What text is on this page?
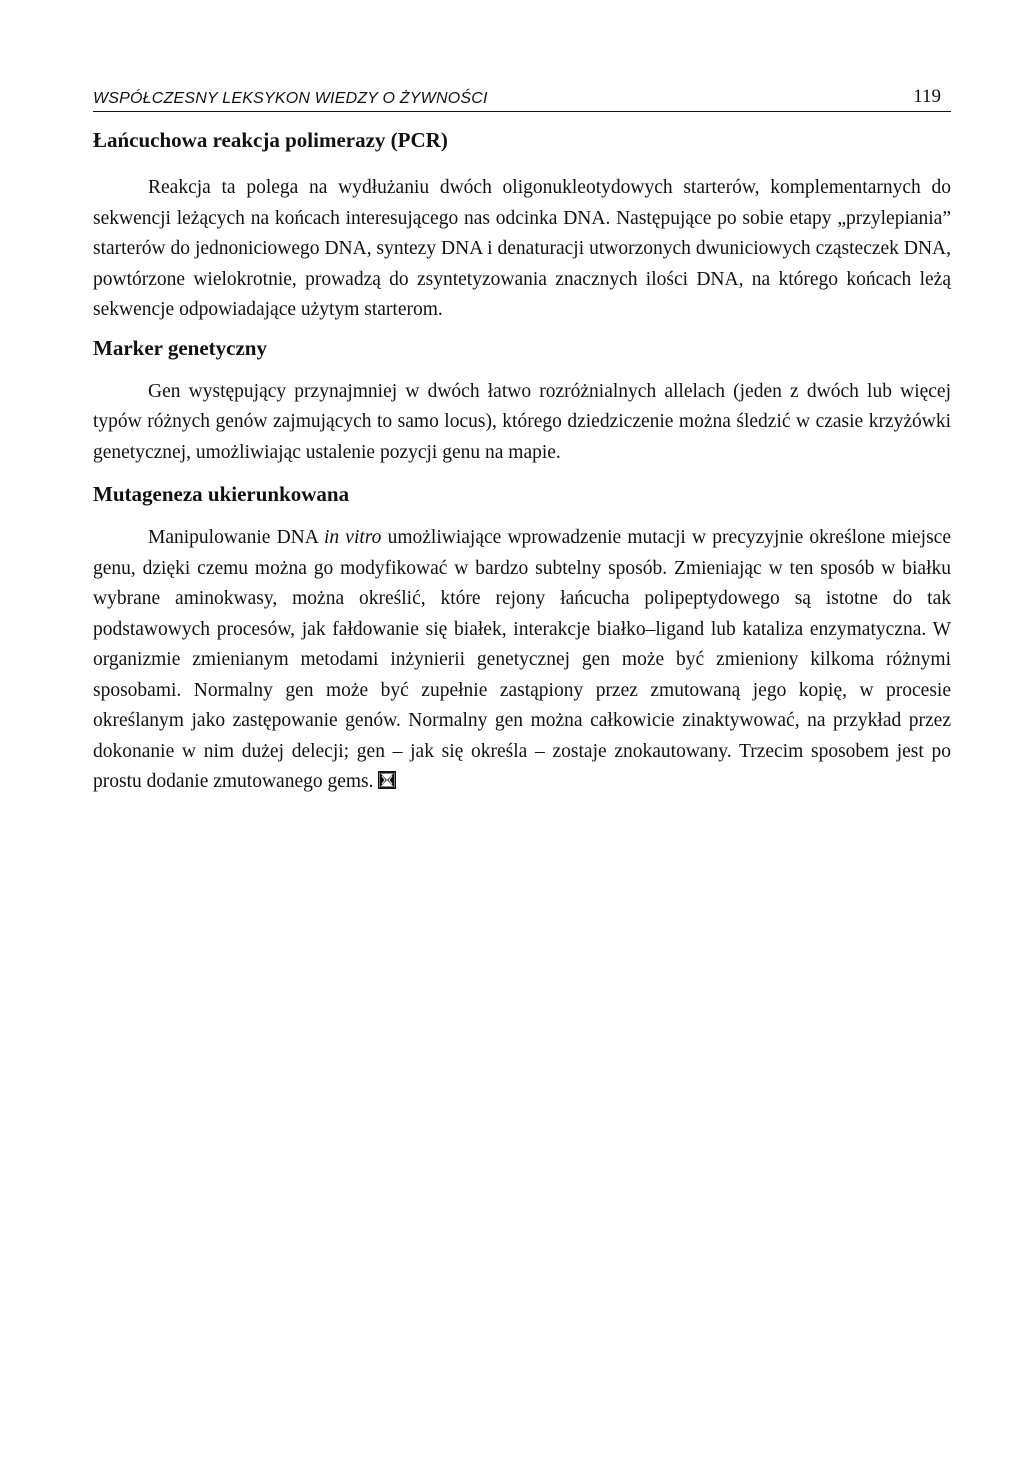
WSPÓŁCZESNY LEKSYKON WIEDZY O ŻYWNOŚCI	119
Łańcuchowa reakcja polimerazy (PCR)

Reakcja ta polega na wydłużaniu dwóch oligonukleotydowych starterów, komplementarnych do sekwencji leżących na końcach interesującego nas odcinka DNA. Następujące po sobie etapy „przylepiania” starterów do jednoniciowego DNA, syntezy DNA i denaturacji utworzonych dwuniciowych cząsteczek DNA, powtórzone wielokrotnie, prowadzą do zsyntetyzowania znacznych ilości DNA, na którego końcach leżą sekwencje odpowiadające użytym starterom.

Marker genetyczny

Gen występujący przynajmniej w dwóch łatwo rozróżnialnych allelach (jeden z dwóch lub więcej typów różnych genów zajmujących to samo locus), którego dziedziczenie można śledzić w czasie krzyżówki genetycznej, umożliwiając ustalenie pozycji genu na mapie.

Mutageneza ukierunkowana

Manipulowanie DNA in vitro umożliwiające wprowadzenie mutacji w precyzyjnie określone miejsce genu, dzięki czemu można go modyfikować w bardzo subtelny sposób. Zmieniając w ten sposób w białku wybrane aminokwasy, można określić, które rejony łańcucha polipeptydowego są istotne do tak podstawowych procesów, jak fałdowanie się białek, interakcje białko–ligand lub kataliza enzymatyczna. W organizmie zmienianym metodami inżynierii genetycznej gen może być zmieniony kilkoma różnymi sposobami. Normalny gen może być zupełnie zastąpiony przez zmutowaną jego kopię, w procesie określanym jako zastępowanie genów. Normalny gen można całkowicie zinaktywować, na przykład przez dokonanie w nim dużej delecji; gen – jak się określa – zostaje znokautowany. Trzecim sposobem jest po prostu dodanie zmutowanego gems.
